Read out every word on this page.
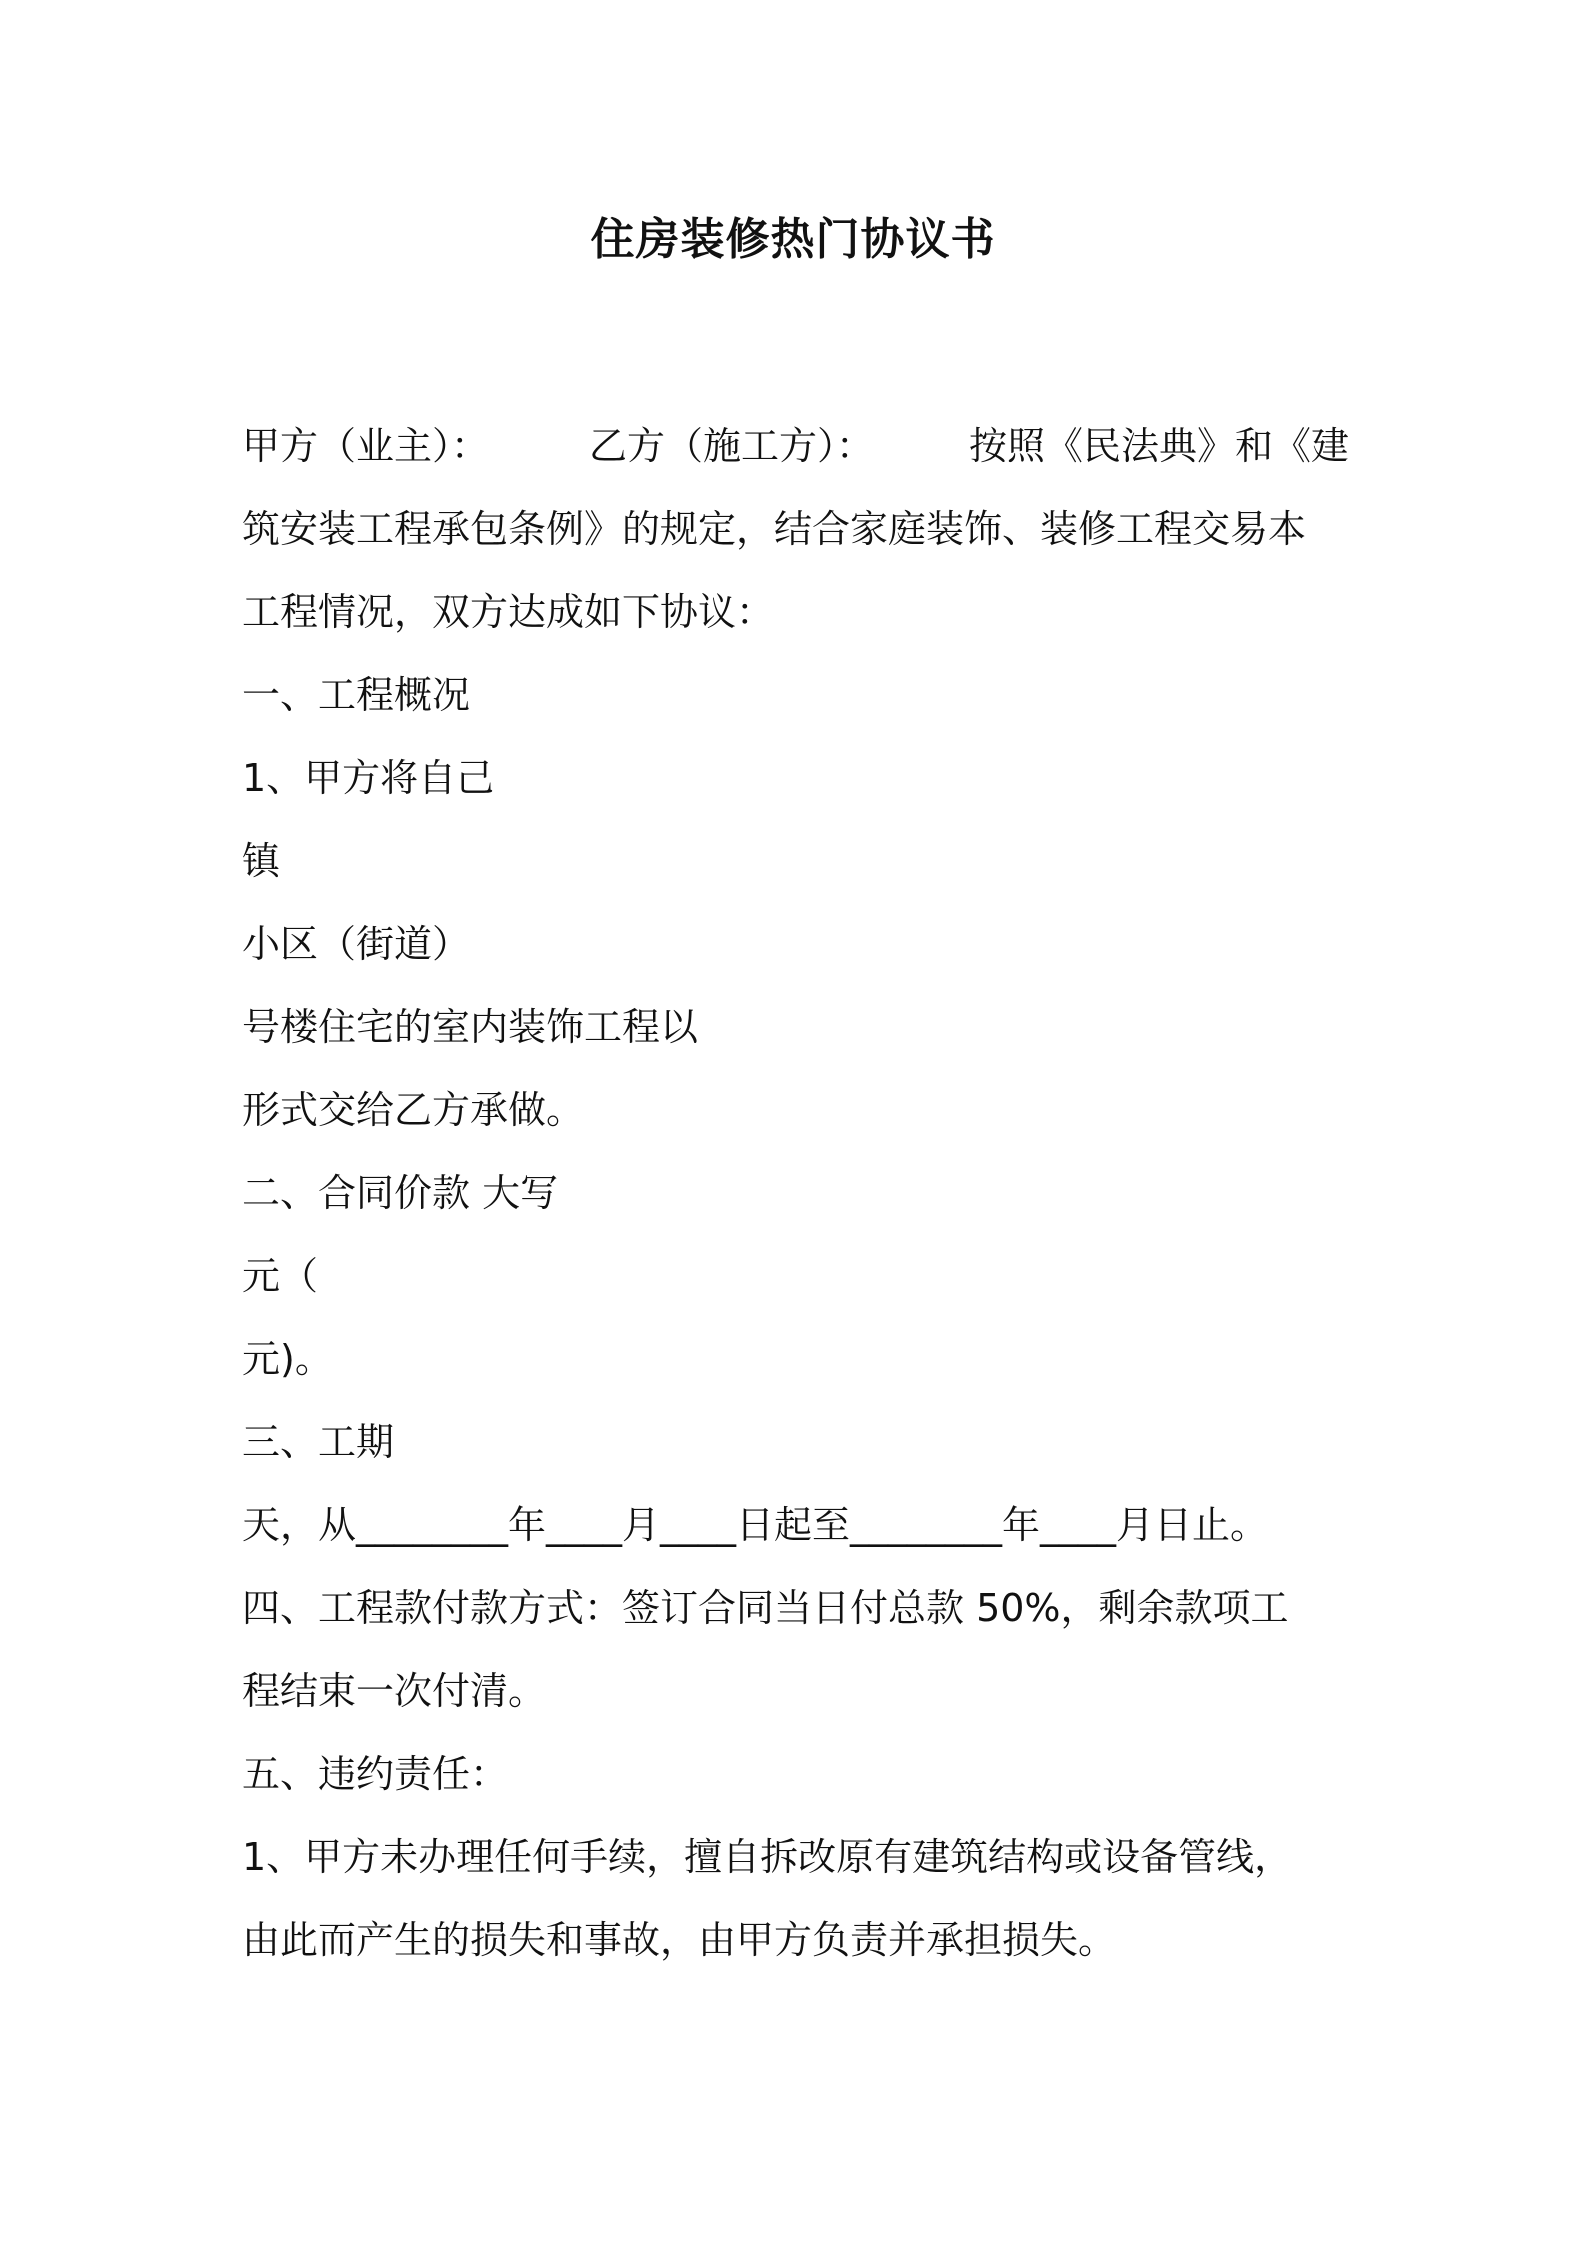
住房装修热门协议书
甲方（业主）：	乙方（施工方）：	按照《民法典》和《建
筑安装工程承包条例》的规定，结合家庭装饰、装修工程交易本
工程情况，双方达成如下协议：
一、工程概况
1、甲方将自己
镇
小区（街道）
号楼住宅的室内装饰工程以
形式交给乙方承做。
二、合同价款 大写
元（
元)。
三、工期
天，从________年____月____日起至________年____月日止。
四、工程款付款方式：签订合同当日付总款 50%，剩余款项工
程结束一次付清。
五、违约责任：
1、甲方未办理任何手续，擅自拆改原有建筑结构或设备管线，
由此而产生的损失和事故，由甲方负责并承担损失。
